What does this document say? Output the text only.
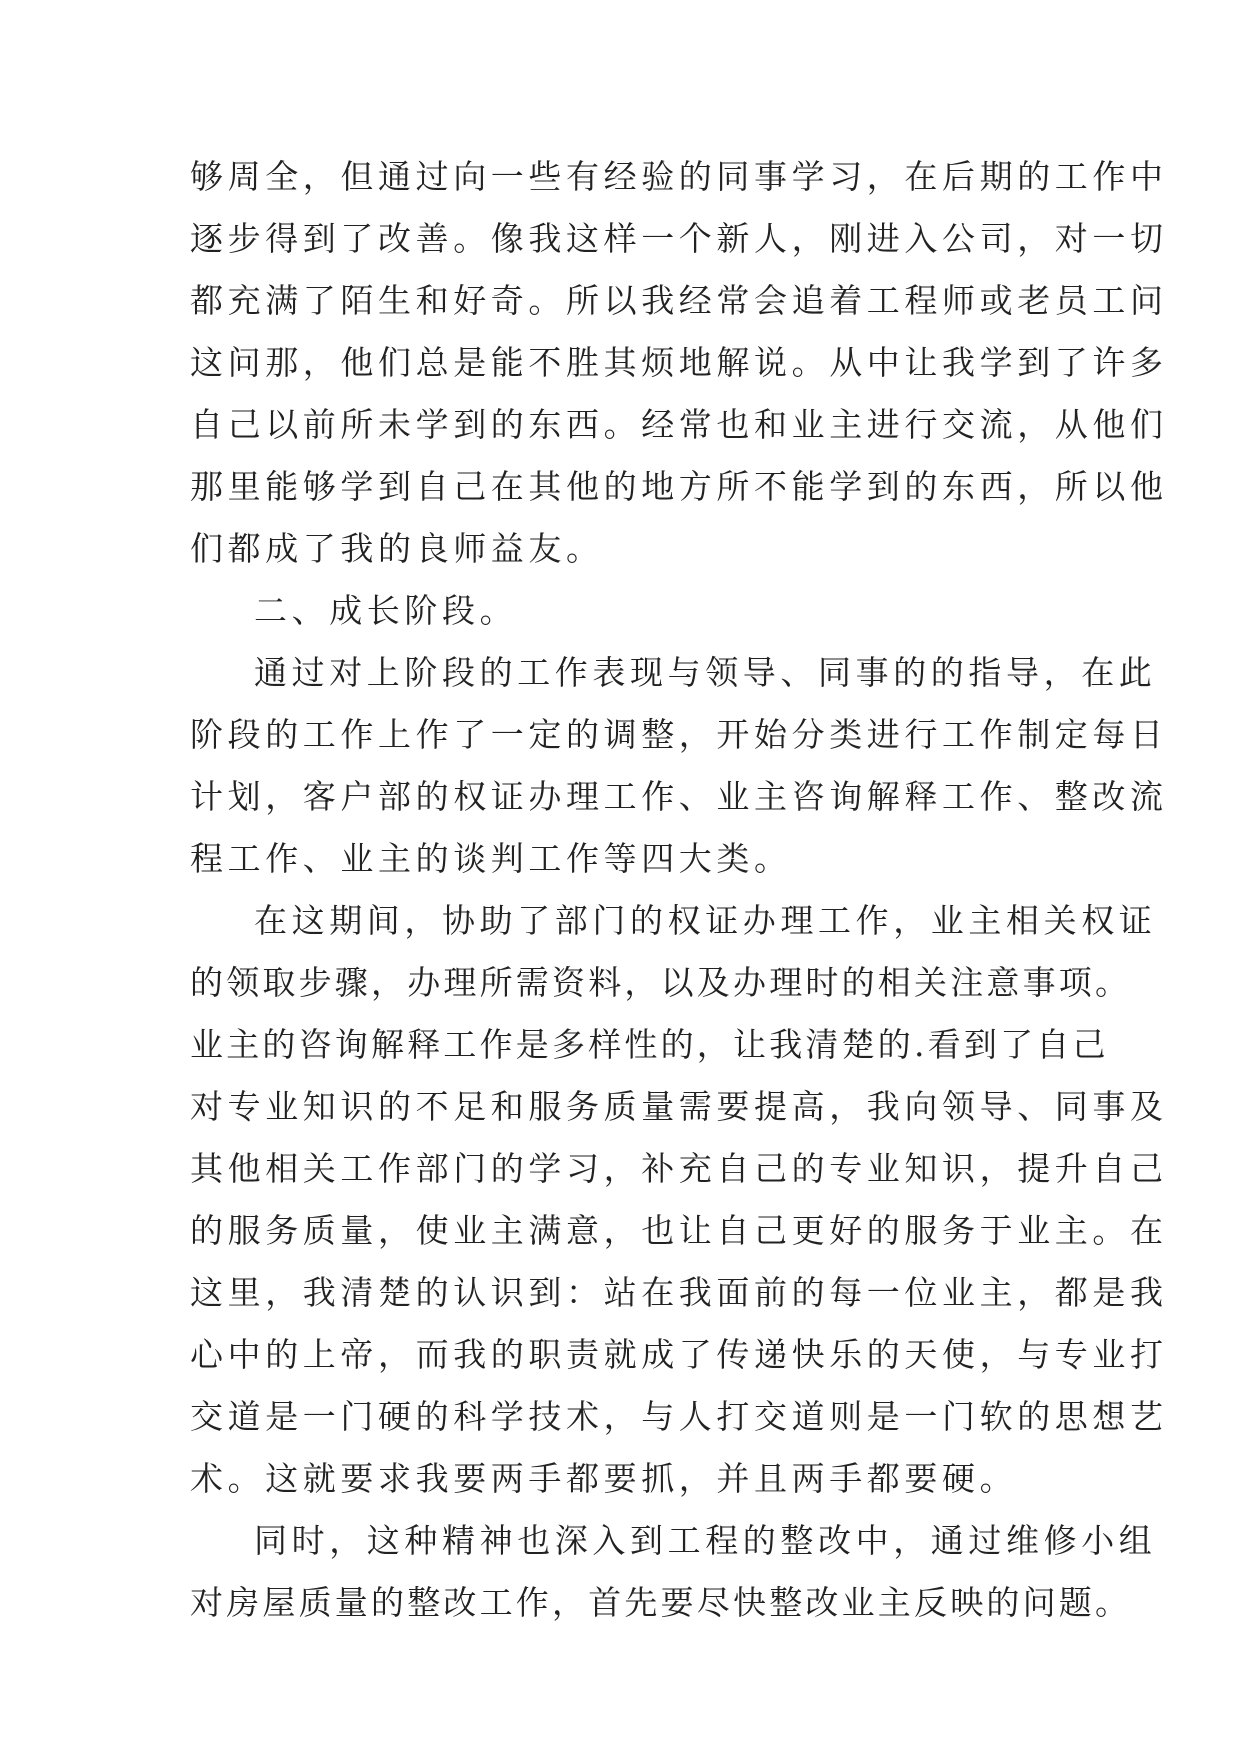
够周全，但通过向一些有经验的同事学习，在后期的工作中
逐步得到了改善。像我这样一个新人，刚进入公司，对一切
都充满了陌生和好奇。所以我经常会追着工程师或老员工问
这问那，他们总是能不胜其烦地解说。从中让我学到了许多
自己以前所未学到的东西。经常也和业主进行交流，从他们
那里能够学到自己在其他的地方所不能学到的东西，所以他
们都成了我的良师益友。
二、成长阶段。
通过对上阶段的工作表现与领导、同事的的指导，在此
阶段的工作上作了一定的调整，开始分类进行工作制定每日
计划，客户部的权证办理工作、业主咨询解释工作、整改流
程工作、业主的谈判工作等四大类。
在这期间，协助了部门的权证办理工作，业主相关权证
的领取步骤，办理所需资料，以及办理时的相关注意事项。
业主的咨询解释工作是多样性的，让我清楚的.看到了自己
对专业知识的不足和服务质量需要提高，我向领导、同事及
其他相关工作部门的学习，补充自己的专业知识，提升自己
的服务质量，使业主满意，也让自己更好的服务于业主。在
这里，我清楚的认识到：站在我面前的每一位业主，都是我
心中的上帝，而我的职责就成了传递快乐的天使，与专业打
交道是一门硬的科学技术，与人打交道则是一门软的思想艺
术。这就要求我要两手都要抓，并且两手都要硬。
同时，这种精神也深入到工程的整改中，通过维修小组
对房屋质量的整改工作，首先要尽快整改业主反映的问题。
